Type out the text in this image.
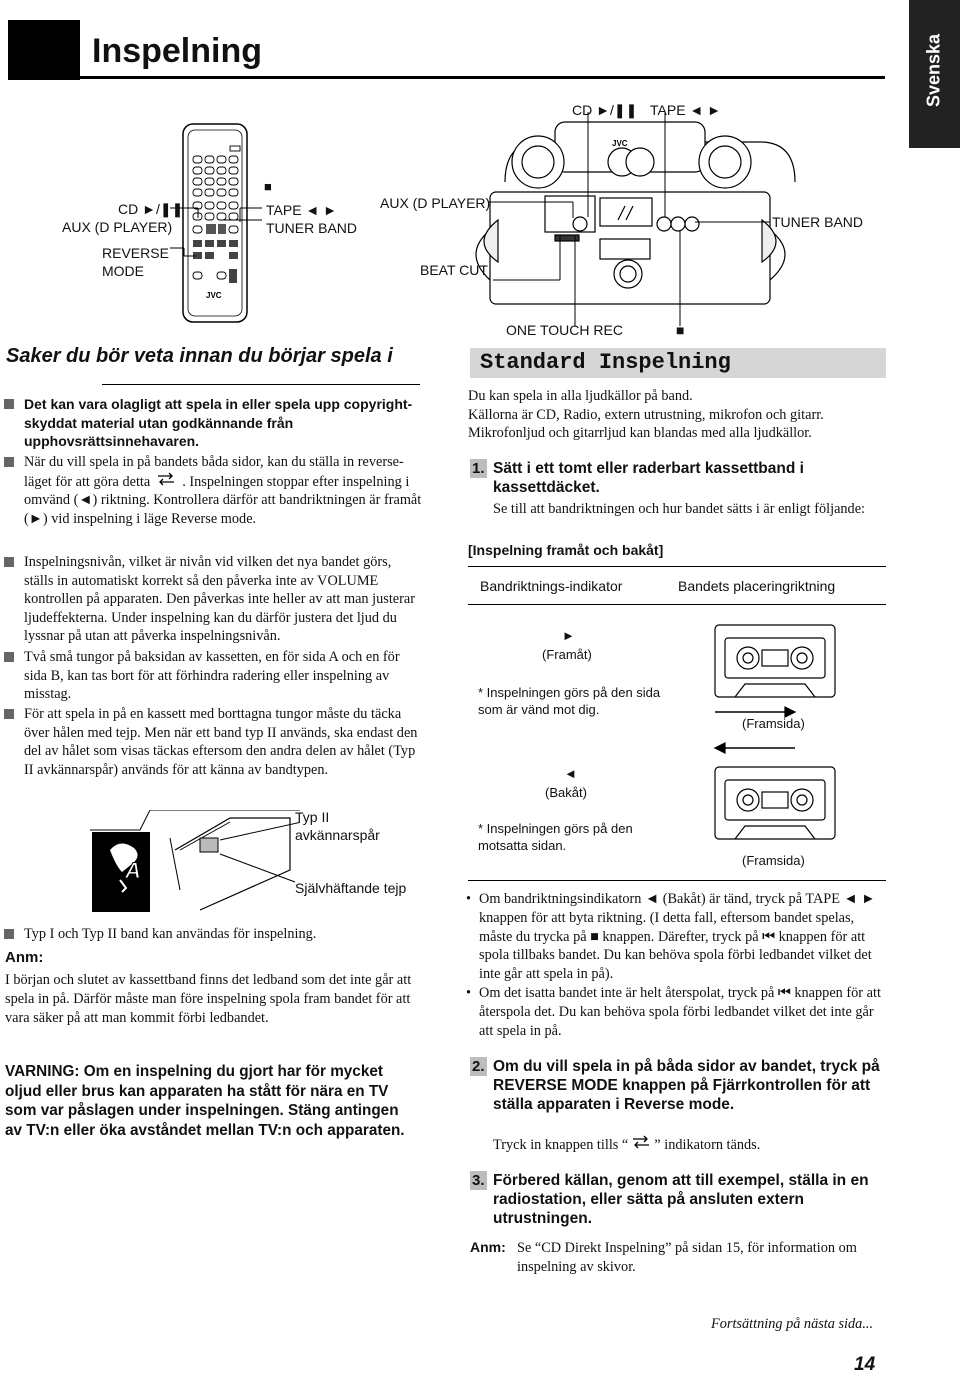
Inspelning	Svenska
CD ►/❚❚ TAPE ◄ ►
JVC
JVC
CD ►/❚❚
AUX (D PLAYER)
REVERSE
MODE
■
TAPE ◄ ►
TUNER BAND
AUX (D PLAYER)
BEAT CUT
TUNER BAND
ONE TOUCH REC	■
Saker du bör veta innan du börjar spela i
Det kan vara olagligt att spela in eller spela upp copyright-skyddat material utan godkännande från upphovsrättsinnehavaren.
När du vill spela in på bandets båda sidor, kan du ställa in reverse-läget för att göra detta . Inspelningen stoppar efter inspelning i omvänd (◄) riktning. Kontrollera därför att bandriktningen är framåt (►) vid inspelning i läge Reverse mode.
Inspelningsnivån, vilket är nivån vid vilken det nya bandet görs, ställs in automatiskt korrekt så den påverka inte av VOLUME kontrollen på apparaten. Den påverkas inte heller av att man justerar ljudeffekterna. Under inspelning kan du därför justera det ljud du lyssnar på utan att påverka inspelningsnivån.
Två små tungor på baksidan av kassetten, en för sida A och en för sida B, kan tas bort för att förhindra radering eller inspelning av misstag.
För att spela in på en kassett med borttagna tungor måste du täcka över hålen med tejp. Men när ett band typ II används, ska endast den del av hålet som visas täckas eftersom den andra delen av hålet (Typ II avkännarspår) används för att känna av bandtypen.
A
Typ II
avkännarspår
Självhäftande tejp
Typ I och Typ II band kan användas för inspelning.
Anm:
I början och slutet av kassettband finns det ledband som det inte går att spela in på. Därför måste man före inspelning spola fram bandet för att vara säker på att man kommit förbi ledbandet.
VARNING: Om en inspelning du gjort har för mycket oljud eller brus kan apparaten ha stått för nära en TV som var påslagen under inspelningen. Stäng antingen av TV:n eller öka avståndet mellan TV:n och apparaten.
Standard Inspelning
Du kan spela in alla ljudkällor på band.
Källorna är CD, Radio, extern utrustning, mikrofon och gitarr.
Mikrofonljud och gitarrljud kan blandas med alla ljudkällor.
1. Sätt i ett tomt eller raderbart kassettband i kassettdäcket.
Se till att bandriktningen och hur bandet sätts i är enligt följande:
[Inspelning framåt och bakåt]
Bandriktnings-indikator	Bandets placeringriktning
►
(Framåt)
* Inspelningen görs på den sida som är vänd mot dig.
(Framsida)
◄
(Bakåt)
* Inspelningen görs på den motsatta sidan.
(Framsida)
• Om bandriktningsindikatorn ◄ (Bakåt) är tänd, tryck på TAPE ◄ ► knappen för att byta riktning. (I detta fall, eftersom bandet spelas, måste du trycka på ■ knappen. Därefter, tryck på ⏮ knappen för att spola tillbaks bandet. Du kan behöva spola förbi ledbandet vilket det inte går att spela in på).
• Om det isatta bandet inte är helt återspolat, tryck på ⏮ knappen för att återspola det. Du kan behöva spola förbi ledbandet vilket det inte går att spela in på.
2. Om du vill spela in på båda sidor av bandet, tryck på REVERSE MODE knappen på Fjärrkontrollen för att ställa apparaten i Reverse mode.
Tryck in knappen tills “ ” indikatorn tänds.
3. Förbered källan, genom att till exempel, ställa in en radiostation, eller sätta på ansluten extern utrustningen.
Anm: Se “CD Direkt Inspelning” på sidan 15, för information om inspelning av skivor.
Fortsättning på nästa sida...
14
